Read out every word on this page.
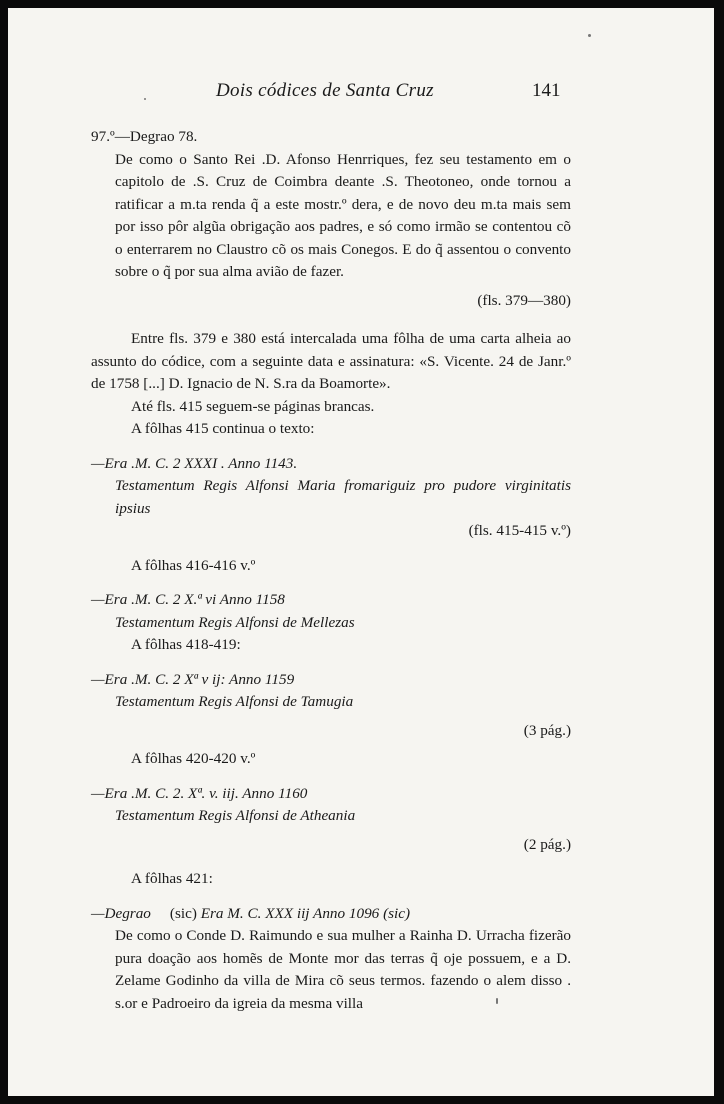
Dois códices de Santa Cruz	141

97.º—Degrao 78.

De como o Santo Rei .D. Afonso Henrriques, fez seu testamento em o capitolo de .S. Cruz de Coimbra deante .S. Theotoneo, onde tornou a ratificar a m.ta renda q̃ a este mostr.º dera, e de novo deu m.ta mais sem por isso pôr algũa obrigação aos padres, e só como irmão se contentou cõ o enterrarem no Claustro cõ os mais Conegos. E do q̃ assentou o convento sobre o q̃ por sua alma avião de fazer.

(fls. 379—380)

Entre fls. 379 e 380 está intercalada uma fôlha de uma carta alheia ao assunto do códice, com a seguinte data e assinatura: «S. Vicente. 24 de Janr.º de 1758 [...] D. Ignacio de N. S.ra da Boamorte».

Até fls. 415 seguem-se páginas brancas.

A fôlhas 415 continua o texto:

—Era .M. C. 2 XXXI . Anno 1143.

Testamentum Regis Alfonsi Maria fromariguiz pro pudore virginitatis ipsius

(fls. 415-415 v.º)

A fôlhas 416-416 v.º

—Era .M. C. 2 X.ª vi Anno 1158

Testamentum Regis Alfonsi de Mellezas

A fôlhas 418-419:

—Era .M. C. 2 Xª v ij: Anno 1159

Testamentum Regis Alfonsi de Tamugia

(3 pág.)

A fôlhas 420-420 v.º

—Era .M. C. 2. Xª. v. iij. Anno 1160

Testamentum Regis Alfonsi de Atheania

(2 pág.)

A fôlhas 421:

—Degrao (sic) Era M. C. XXX iij Anno 1096 (sic)

De como o Conde D. Raimundo e sua mulher a Rainha D. Urracha fizerão pura doação aos homẽs de Monte mor das terras q̃ oje possuem, e a D. Zelame Godinho da villa de Mira cõ seus termos. fazendo o alem disso . s.or e Padroeiro da igreia da mesma villa
